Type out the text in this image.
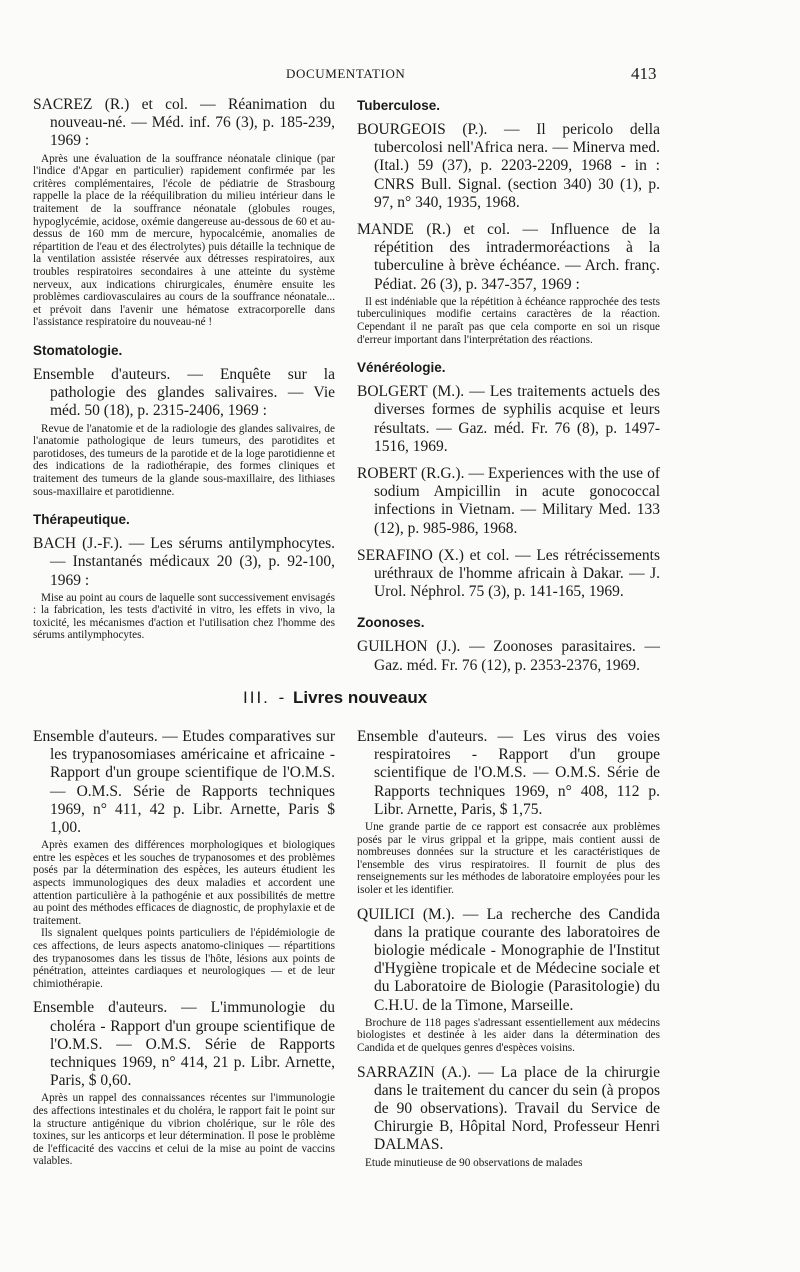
DOCUMENTATION	413

SACREZ (R.) et col. — Réanimation du nouveau-né. — Méd. inf. 76 (3), p. 185-239, 1969 :

Après une évaluation de la souffrance néonatale clinique (par l'indice d'Apgar en particulier) rapidement confirmée par les critères complémentaires, l'école de pédiatrie de Strasbourg rappelle la place de la rééquilibration du milieu intérieur dans le traitement de la souffrance néonatale (globules rouges, hypoglycémie, acidose, oxémie dangereuse au-dessous de 60 et au-dessus de 160 mm de mercure, hypocalcémie, anomalies de répartition de l'eau et des électrolytes) puis détaille la technique de la ventilation assistée réservée aux détresses respiratoires, aux troubles respiratoires secondaires à une atteinte du système nerveux, aux indications chirurgicales, énumère ensuite les problèmes cardiovasculaires au cours de la souffrance néonatale... et prévoit dans l'avenir une hématose extracorporelle dans l'assistance respiratoire du nouveau-né !

Stomatologie.

Ensemble d'auteurs. — Enquête sur la pathologie des glandes salivaires. — Vie méd. 50 (18), p. 2315-2406, 1969 :

Revue de l'anatomie et de la radiologie des glandes salivaires, de l'anatomie pathologique de leurs tumeurs, des parotidites et parotidoses, des tumeurs de la parotide et de la loge parotidienne et des indications de la radiothérapie, des formes cliniques et traitement des tumeurs de la glande sous-maxillaire, des lithiases sous-maxillaire et parotidienne.

Thérapeutique.

BACH (J.-F.). — Les sérums antilymphocytes. — Instantanés médicaux 20 (3), p. 92-100, 1969 :

Mise au point au cours de laquelle sont successivement envisagés : la fabrication, les tests d'activité in vitro, les effets in vivo, la toxicité, les mécanismes d'action et l'utilisation chez l'homme des sérums antilymphocytes.

Tuberculose.

BOURGEOIS (P.). — Il pericolo della tubercolosi nell'Africa nera. — Minerva med. (Ital.) 59 (37), p. 2203-2209, 1968 - in : CNRS Bull. Signal. (section 340) 30 (1), p. 97, n° 340, 1935, 1968.

MANDE (R.) et col. — Influence de la répétition des intradermoréactions à la tuberculine à brève échéance. — Arch. franç. Pédiat. 26 (3), p. 347-357, 1969 :

Il est indéniable que la répétition à échéance rapprochée des tests tuberculiniques modifie certains caractères de la réaction. Cependant il ne paraît pas que cela comporte en soi un risque d'erreur important dans l'interprétation des réactions.

Vénéréologie.

BOLGERT (M.). — Les traitements actuels des diverses formes de syphilis acquise et leurs résultats. — Gaz. méd. Fr. 76 (8), p. 1497-1516, 1969.

ROBERT (R.G.). — Experiences with the use of sodium Ampicillin in acute gonococcal infections in Vietnam. — Military Med. 133 (12), p. 985-986, 1968.

SERAFINO (X.) et col. — Les rétrécissements uréthraux de l'homme africain à Dakar. — J. Urol. Néphrol. 75 (3), p. 141-165, 1969.

Zoonoses.

GUILHON (J.). — Zoonoses parasitaires. — Gaz. méd. Fr. 76 (12), p. 2353-2376, 1969.

III. - Livres nouveaux

Ensemble d'auteurs. — Etudes comparatives sur les trypanosomiases américaine et africaine - Rapport d'un groupe scientifique de l'O.M.S. — O.M.S. Série de Rapports techniques 1969, n° 411, 42 p. Libr. Arnette, Paris $ 1,00.

Après examen des différences morphologiques et biologiques entre les espèces et les souches de trypanosomes et des problèmes posés par la détermination des espèces, les auteurs étudient les aspects immunologiques des deux maladies et accordent une attention particulière à la pathogénie et aux possibilités de mettre au point des méthodes efficaces de diagnostic, de prophylaxie et de traitement.

Ils signalent quelques points particuliers de l'épidémiologie de ces affections, de leurs aspects anatomo-cliniques — répartitions des trypanosomes dans les tissus de l'hôte, lésions aux points de pénétration, atteintes cardiaques et neurologiques — et de leur chimiothérapie.

Ensemble d'auteurs. — L'immunologie du choléra - Rapport d'un groupe scientifique de l'O.M.S. — O.M.S. Série de Rapports techniques 1969, n° 414, 21 p. Libr. Arnette, Paris, $ 0,60.

Après un rappel des connaissances récentes sur l'immunologie des affections intestinales et du choléra, le rapport fait le point sur la structure antigénique du vibrion cholérique, sur le rôle des toxines, sur les anticorps et leur détermination. Il pose le problème de l'efficacité des vaccins et celui de la mise au point de vaccins valables.

Ensemble d'auteurs. — Les virus des voies respiratoires - Rapport d'un groupe scientifique de l'O.M.S. — O.M.S. Série de Rapports techniques 1969, n° 408, 112 p. Libr. Arnette, Paris, $ 1,75.

Une grande partie de ce rapport est consacrée aux problèmes posés par le virus grippal et la grippe, mais contient aussi de nombreuses données sur la structure et les caractéristiques de l'ensemble des virus respiratoires. Il fournit de plus des renseignements sur les méthodes de laboratoire employées pour les isoler et les identifier.

QUILICI (M.). — La recherche des Candida dans la pratique courante des laboratoires de biologie médicale - Monographie de l'Institut d'Hygiène tropicale et de Médecine sociale et du Laboratoire de Biologie (Parasitologie) du C.H.U. de la Timone, Marseille.

Brochure de 118 pages s'adressant essentiellement aux médecins biologistes et destinée à les aider dans la détermination des Candida et de quelques genres d'espèces voisins.

SARRAZIN (A.). — La place de la chirurgie dans le traitement du cancer du sein (à propos de 90 observations). Travail du Service de Chirurgie B, Hôpital Nord, Professeur Henri DALMAS.

Etude minutieuse de 90 observations de malades
